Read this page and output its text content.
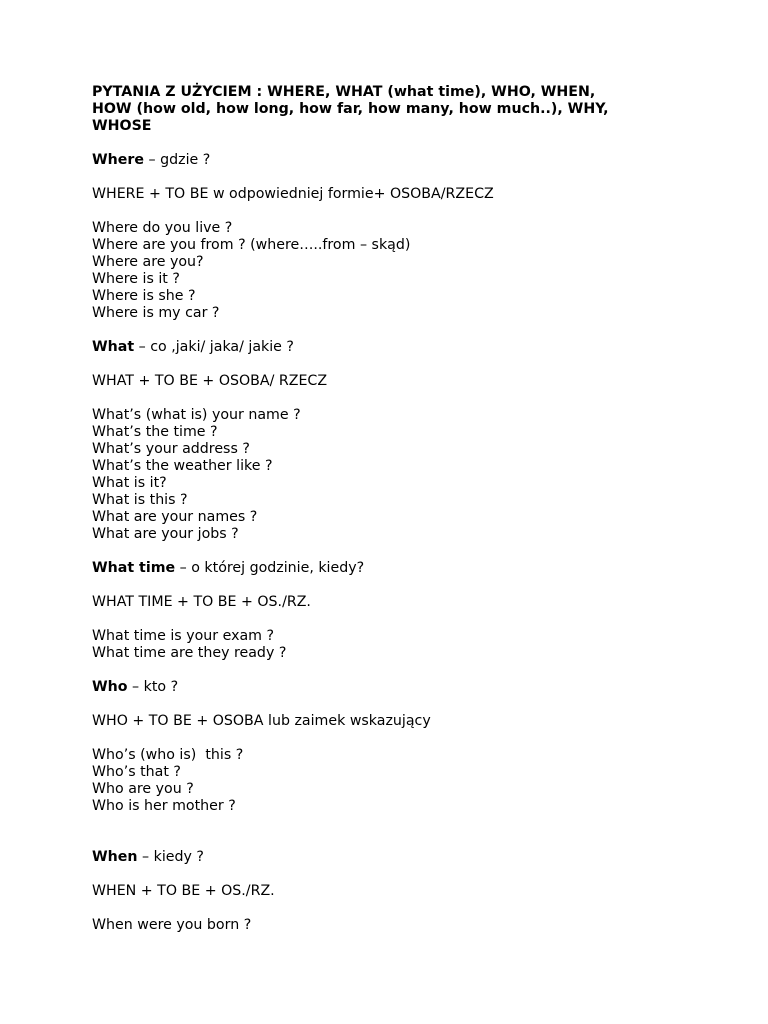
PYTANIA Z UŻYCIEM : WHERE, WHAT (what time), WHO, WHEN,
HOW (how old, how long, how far, how many, how much..), WHY,
WHOSE
Where – gdzie ?
WHERE + TO BE w odpowiedniej formie+ OSOBA/RZECZ
Where do you live ?
Where are you from ? (where…..from – skąd)
Where are you?
Where is it ?
Where is she ?
Where is my car ?
What – co ,jaki/ jaka/ jakie ?
WHAT + TO BE + OSOBA/ RZECZ
What’s (what is) your name ?
What’s the time ?
What’s your address ?
What’s the weather like ?
What is it?
What is this ?
What are your names ?
What are your jobs ?
What time – o której godzinie, kiedy?
WHAT TIME + TO BE + OS./RZ.
What time is your exam ?
What time are they ready ?
Who – kto ?
WHO + TO BE + OSOBA lub zaimek wskazujący
Who’s (who is)  this ?
Who’s that ?
Who are you ?
Who is her mother ?
When – kiedy ?
WHEN + TO BE + OS./RZ.
When were you born ?
